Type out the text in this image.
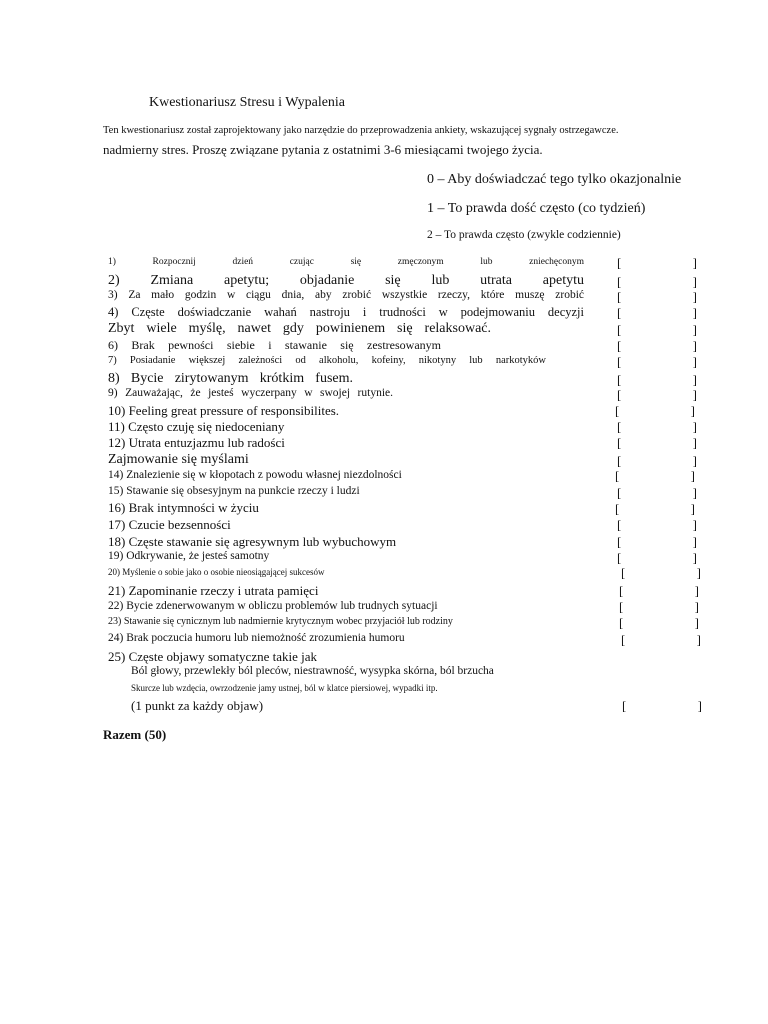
Kwestionariusz Stresu i Wypalenia
Ten kwestionariusz został zaprojektowany jako narzędzie do przeprowadzenia ankiety, wskazującej sygnały ostrzegawcze.
nadmierny stres. Proszę związane pytania z ostatnimi 3-6 miesiącami twojego życia.
0 – Aby doświadczać tego tylko okazjonalnie
1 – To prawda dość często (co tydzień)
2 – To prawda często (zwykle codziennie)
1) Rozpocznij dzień czując się zmęczonym lub zniechęconym	[	]
2) Zmiana apetytu; objadanie się lub utrata apetytu	[	]
3) Za mało godzin w ciągu dnia, aby zrobić wszystkie rzeczy, które muszę zrobić	[	]
4) Częste doświadczanie wahań nastroju i trudności w podejmowaniu decyzji	[	]
Zbyt wiele myślę, nawet gdy powinienem się relaksować.	[	]
6) Brak pewności siebie i stawanie się zestresowanym	[	]
7) Posiadanie większej zależności od alkoholu, kofeiny, nikotyny lub narkotyków	[	]
8) Bycie zirytowanym krótkim fusem.	[	]
9) Zauważając, że jesteś wyczerpany w swojej rutynie.	[	]
10) Feeling great pressure of responsibilites.	[	]
11) Często czuję się niedoceniany	[	]
12) Utrata entuzjazmu lub radości	[	]
Zajmowanie się myślami	[	]
14) Znalezienie się w kłopotach z powodu własnej niezdolności	[	]
15) Stawanie się obsesyjnym na punkcie rzeczy i ludzi	[	]
16) Brak intymności w życiu	[	]
17) Czucie bezsenności	[	]
18) Częste stawanie się agresywnym lub wybuchowym	[	]
19) Odkrywanie, że jesteś samotny	[	]
20) Myślenie o sobie jako o osobie nieosiągającej sukcesów	[	]
21) Zapominanie rzeczy i utrata pamięci	[	]
22) Bycie zdenerwowanym w obliczu problemów lub trudnych sytuacji	[	]
23) Stawanie się cynicznym lub nadmiernie krytycznym wobec przyjaciół lub rodziny	[	]
24) Brak poczucia humoru lub niemożność zrozumienia humoru	[	]
25) Częste objawy somatyczne takie jak
Ból głowy, przewlekły ból pleców, niestrawność, wysypka skórna, ból brzucha
Skurcze lub wzdęcia, owrzodzenie jamy ustnej, ból w klatce piersiowej, wypadki itp.
(1 punkt za każdy objaw)	[	]
Razem (50)
